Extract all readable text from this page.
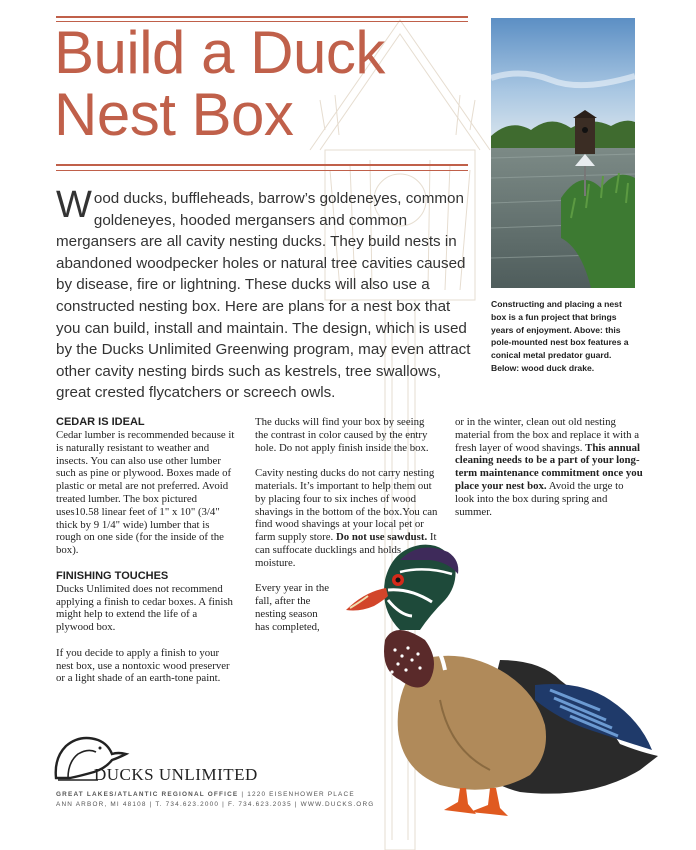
Build a Duck
Nest Box
Wood ducks, buffleheads, barrow’s goldeneyes, common goldeneyes, hooded mergansers and common mergansers are all cavity nesting ducks. They build nests in abandoned woodpecker holes or natural tree cavities caused by disease, fire or lightning. These ducks will also use a constructed nesting box. Here are plans for a nest box that you can build, install and maintain. The design, which is used by the Ducks Unlimited Greenwing program, may even attract other cavity nesting birds such as kestrels, tree swallows, great crested flycatchers or screech owls.
Constructing and placing a nest box is a fun project that brings years of enjoyment. Above: this pole-mounted nest box features a conical metal predator guard. Below: wood duck drake.
CEDAR IS IDEAL

Cedar lumber is recommended because it is naturally resistant to weather and insects. You can also use other lumber such as pine or plywood. Boxes made of plastic or metal are not preferred. Avoid treated lumber. The box pictured uses10.58 linear feet of 1" x 10" (3/4" thick by 9 1/4" wide) lumber that is rough on one side (for the inside of the box).

FINISHING TOUCHES

Ducks Unlimited does not recommend applying a finish to cedar boxes. A finish might help to extend the life of a plywood box.

If you decide to apply a finish to your nest box, use a nontoxic wood preserver or a light shade of an earth-tone paint.

The ducks will find your box by seeing the contrast in color caused by the entry hole. Do not apply finish inside the box.

Cavity nesting ducks do not carry nesting materials. It’s important to help them out by placing four to six inches of wood shavings in the bottom of the box.You can find wood shavings at your local pet or farm supply store. Do not use sawdust. It can suffocate ducklings and holds moisture.

Every year in the fall, after the nesting season has completed,

or in the winter, clean out old nesting material from the box and replace it with a fresh layer of wood shavings. This annual cleaning needs to be a part of your long-term maintenance commitment once you place your nest box. Avoid the urge to look into the box during spring and summer.

DUCKS UNLIMITED
GREAT LAKES/ATLANTIC REGIONAL OFFICE | 1220 EISENHOWER PLACE
ANN ARBOR, MI 48108 | T. 734.623.2000 | F. 734.623.2035 | WWW.DUCKS.ORG
